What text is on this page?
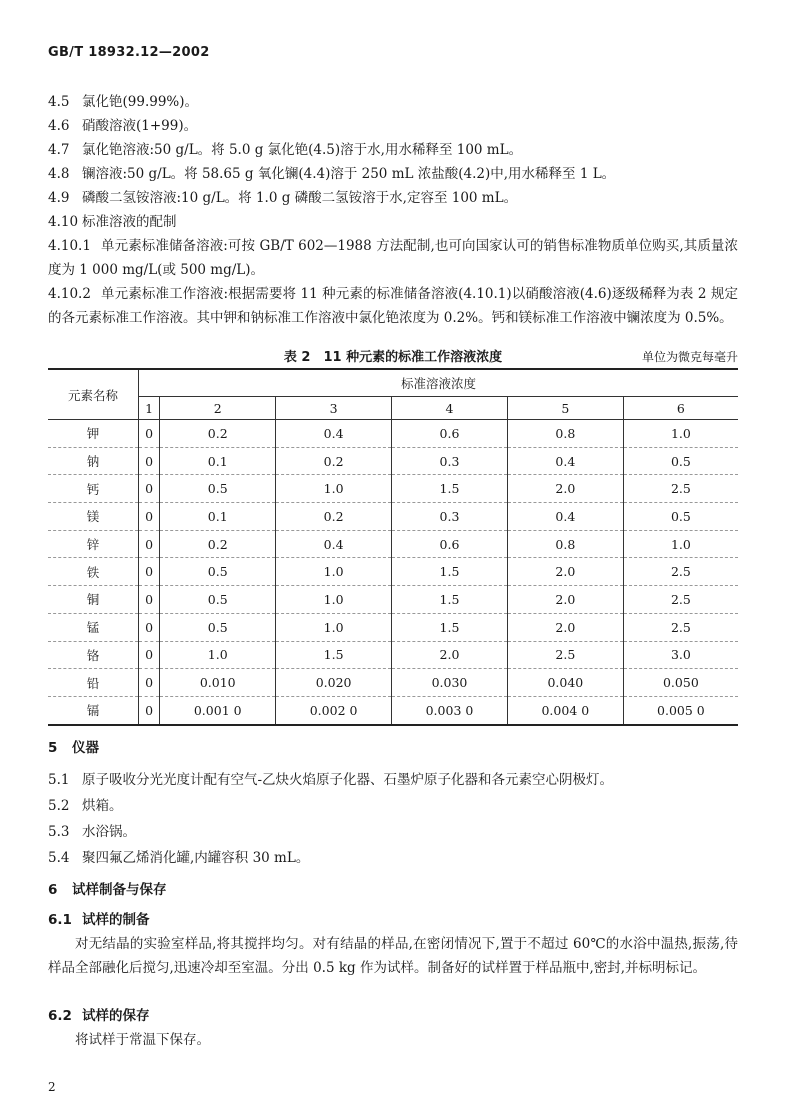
GB/T 18932.12—2002
4.5 氯化铯(99.99%)。
4.6 硝酸溶液(1+99)。
4.7 氯化铯溶液:50 g/L。将 5.0 g 氯化铯(4.5)溶于水,用水稀释至 100 mL。
4.8 镧溶液:50 g/L。将 58.65 g 氧化镧(4.4)溶于 250 mL 浓盐酸(4.2)中,用水稀释至 1 L。
4.9 磷酸二氢铵溶液:10 g/L。将 1.0 g 磷酸二氢铵溶于水,定容至 100 mL。
4.10 标准溶液的配制
4.10.1 单元素标准储备溶液:可按 GB/T 602—1988 方法配制,也可向国家认可的销售标准物质单位购买,其质量浓度为 1 000 mg/L(或 500 mg/L)。
4.10.2 单元素标准工作溶液:根据需要将 11 种元素的标准储备溶液(4.10.1)以硝酸溶液(4.6)逐级稀释为表 2 规定的各元素标准工作溶液。其中钾和钠标准工作溶液中氯化铯浓度为 0.2%。钙和镁标准工作溶液中镧浓度为 0.5%。
表 2　11 种元素的标准工作溶液浓度	单位为微克每毫升
元素名称	标准溶液浓度					
	1	2	3	4	5	6
钾	0	0.2	0.4	0.6	0.8	1.0
钠	0	0.1	0.2	0.3	0.4	0.5
钙	0	0.5	1.0	1.5	2.0	2.5
镁	0	0.1	0.2	0.3	0.4	0.5
锌	0	0.2	0.4	0.6	0.8	1.0
铁	0	0.5	1.0	1.5	2.0	2.5
铜	0	0.5	1.0	1.5	2.0	2.5
锰	0	0.5	1.0	1.5	2.0	2.5
铬	0	1.0	1.5	2.0	2.5	3.0
铅	0	0.010	0.020	0.030	0.040	0.050
镉	0	0.001 0	0.002 0	0.003 0	0.004 0	0.005 0
5 仪器
5.1 原子吸收分光光度计配有空气-乙炔火焰原子化器、石墨炉原子化器和各元素空心阴极灯。
5.2 烘箱。
5.3 水浴锅。
5.4 聚四氟乙烯消化罐,内罐容积 30 mL。
6 试样制备与保存
6.1 试样的制备
对无结晶的实验室样品,将其搅拌均匀。对有结晶的样品,在密闭情况下,置于不超过 60℃的水浴中温热,振荡,待样品全部融化后搅匀,迅速冷却至室温。分出 0.5 kg 作为试样。制备好的试样置于样品瓶中,密封,并标明标记。
6.2 试样的保存
将试样于常温下保存。
2
